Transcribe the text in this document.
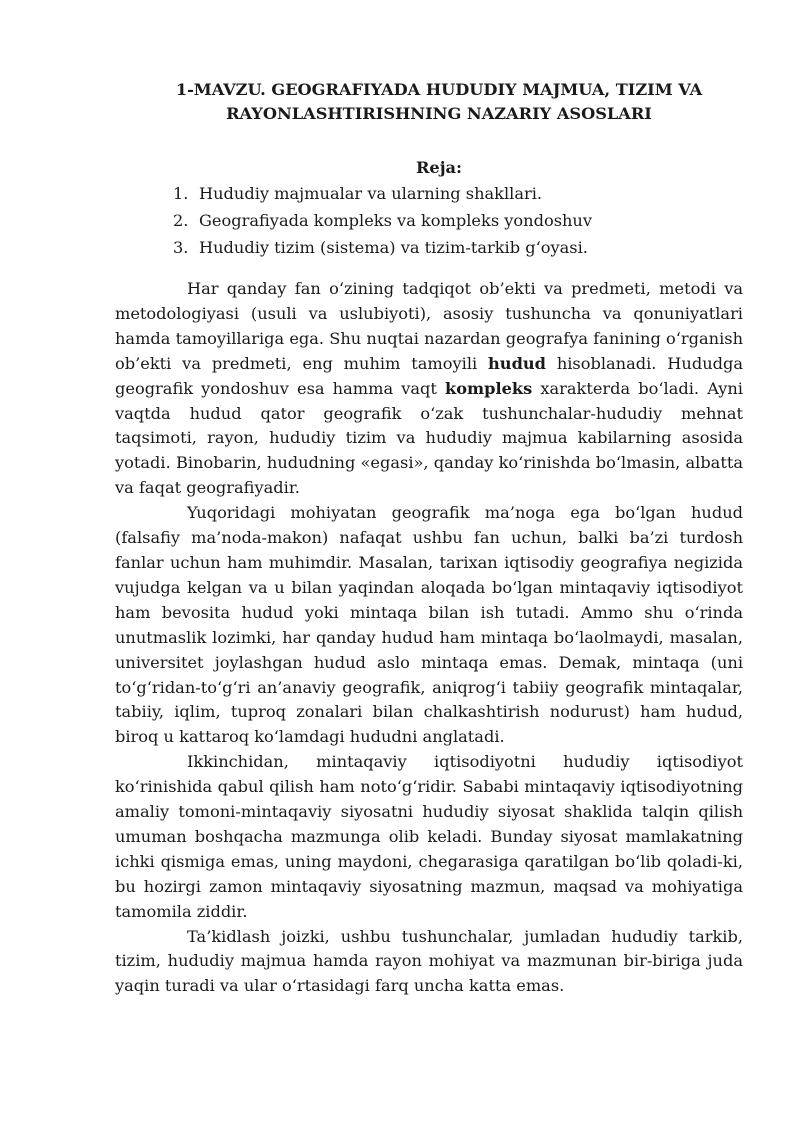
1-MAVZU. GEOGRAFIYADA HUDUDIY MAJMUA, TIZIM VA
RAYONLASHTIRISHNING NAZARIY ASOSLARI
Reja:
1. Hududiy majmualar va ularning shakllari.
2. Geografiyada kompleks va kompleks yondoshuv
3. Hududiy tizim (sistema) va tizim-tarkib g‘oyasi.

Har qanday fan o‘zining tadqiqot ob’ekti va predmeti, metodi va metodologiyasi (usuli va uslubiyoti), asosiy tushuncha va qonuniyatlari hamda tamoyillariga ega. Shu nuqtai nazardan geografya fanining o‘rganish ob’ekti va predmeti, eng muhim tamoyili hudud hisoblanadi. Hududga geografik yondoshuv esa hamma vaqt kompleks xarakterda bo‘ladi. Ayni vaqtda hudud qator geografik o‘zak tushunchalar-hududiy mehnat taqsimoti, rayon, hududiy tizim va hududiy majmua kabilarning asosida yotadi. Binobarin, hududning «egasi», qanday ko‘rinishda bo‘lmasin, albatta va faqat geografiyadir.

Yuqoridagi mohiyatan geografik ma’noga ega bo‘lgan hudud (falsafiy ma’noda-makon) nafaqat ushbu fan uchun, balki ba’zi turdosh fanlar uchun ham muhimdir. Masalan, tarixan iqtisodiy geografiya negizida vujudga kelgan va u bilan yaqindan aloqada bo‘lgan mintaqaviy iqtisodiyot ham bevosita hudud yoki mintaqa bilan ish tutadi. Ammo shu o‘rinda unutmaslik lozimki, har qanday hudud ham mintaqa bo‘laolmaydi, masalan, universitet joylashgan hudud aslo mintaqa emas. Demak, mintaqa (uni to‘g‘ridan-to‘g‘ri an’anaviy geografik, aniqrog‘i tabiiy geografik mintaqalar, tabiiy, iqlim, tuproq zonalari bilan chalkashtirish nodurust) ham hudud, biroq u kattaroq ko‘lamdagi hududni anglatadi.

Ikkinchidan, mintaqaviy iqtisodiyotni hududiy iqtisodiyot ko‘rinishida qabul qilish ham noto‘g‘ridir. Sababi mintaqaviy iqtisodiyotning amaliy tomoni-mintaqaviy siyosatni hududiy siyosat shaklida talqin qilish umuman boshqacha mazmunga olib keladi. Bunday siyosat mamlakatning ichki qismiga emas, uning maydoni, chegarasiga qaratilgan bo‘lib qoladi-ki, bu hozirgi zamon mintaqaviy siyosatning mazmun, maqsad va mohiyatiga tamomila ziddir.

Ta’kidlash joizki, ushbu tushunchalar, jumladan hududiy tarkib, tizim, hududiy majmua hamda rayon mohiyat va mazmunan bir-biriga juda yaqin turadi va ular o‘rtasidagi farq uncha katta emas.
